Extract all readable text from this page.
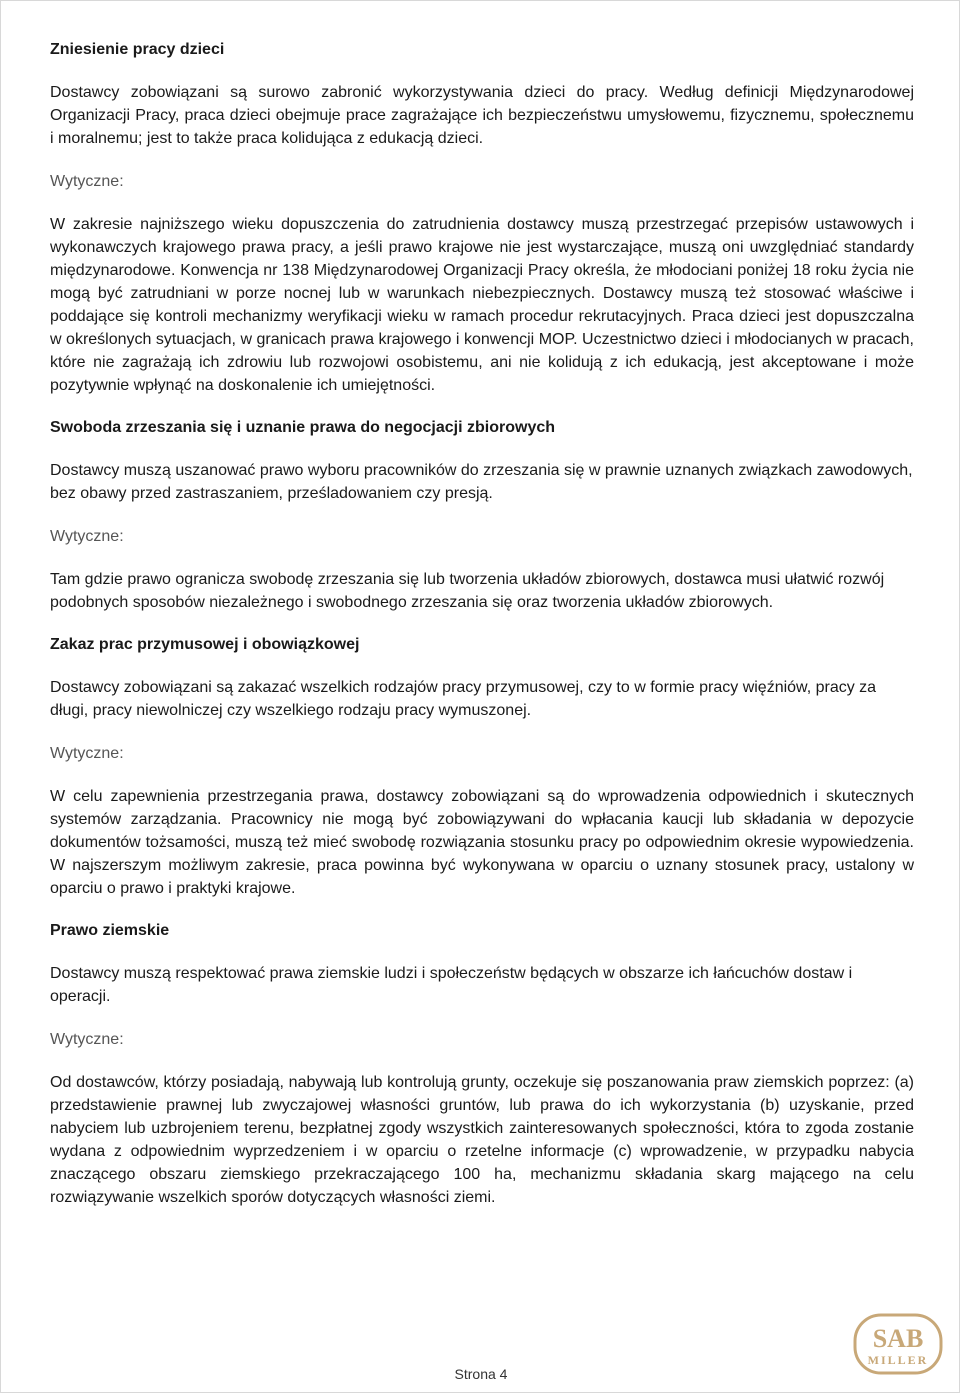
Zniesienie pracy dzieci

Dostawcy zobowiązani są surowo zabronić wykorzystywania dzieci do pracy. Według definicji Międzynarodowej Organizacji Pracy, praca dzieci obejmuje prace zagrażające ich bezpieczeństwu umysłowemu, fizycznemu, społecznemu i moralnemu; jest to także praca kolidująca z edukacją dzieci.

Wytyczne:

W zakresie najniższego wieku dopuszczenia do zatrudnienia dostawcy muszą przestrzegać przepisów ustawowych i wykonawczych krajowego prawa pracy, a jeśli prawo krajowe nie jest wystarczające, muszą oni uwzględniać standardy międzynarodowe. Konwencja nr 138 Międzynarodowej Organizacji Pracy określa, że młodociani poniżej 18 roku życia nie mogą być zatrudniani w porze nocnej lub w warunkach niebezpiecznych. Dostawcy muszą też stosować właściwe i poddające się kontroli mechanizmy weryfikacji wieku w ramach procedur rekrutacyjnych. Praca dzieci jest dopuszczalna w określonych sytuacjach, w granicach prawa krajowego i konwencji MOP. Uczestnictwo dzieci i młodocianych w pracach, które nie zagrażają ich zdrowiu lub rozwojowi osobistemu, ani nie kolidują z ich edukacją, jest akceptowane i może pozytywnie wpłynąć na doskonalenie ich umiejętności.

Swoboda zrzeszania się i uznanie prawa do negocjacji zbiorowych

Dostawcy muszą uszanować prawo wyboru pracowników do zrzeszania się w prawnie uznanych związkach zawodowych, bez obawy przed zastraszaniem, prześladowaniem czy presją.

Wytyczne:

Tam gdzie prawo ogranicza swobodę zrzeszania się lub tworzenia układów zbiorowych, dostawca musi ułatwić rozwój podobnych sposobów niezależnego i swobodnego zrzeszania się oraz tworzenia układów zbiorowych.

Zakaz prac przymusowej i obowiązkowej

Dostawcy zobowiązani są zakazać wszelkich rodzajów pracy przymusowej, czy to w formie pracy więźniów, pracy za długi, pracy niewolniczej czy wszelkiego rodzaju pracy wymuszonej.

Wytyczne:

W celu zapewnienia przestrzegania prawa, dostawcy zobowiązani są do wprowadzenia odpowiednich i skutecznych systemów zarządzania. Pracownicy nie mogą być zobowiązywani do wpłacania kaucji lub składania w depozycie dokumentów tożsamości, muszą też mieć swobodę rozwiązania stosunku pracy po odpowiednim okresie wypowiedzenia. W najszerszym możliwym zakresie, praca powinna być wykonywana w oparciu o uznany stosunek pracy, ustalony w oparciu o prawo i praktyki krajowe.

Prawo ziemskie

Dostawcy muszą respektować prawa ziemskie ludzi i społeczeństw będących w obszarze ich łańcuchów dostaw i operacji.

Wytyczne:

Od dostawców, którzy posiadają, nabywają lub kontrolują grunty, oczekuje się poszanowania praw ziemskich poprzez: (a) przedstawienie prawnej lub zwyczajowej własności gruntów, lub prawa do ich wykorzystania (b) uzyskanie, przed nabyciem lub uzbrojeniem terenu, bezpłatnej zgody wszystkich zainteresowanych społeczności, która to zgoda zostanie wydana z odpowiednim wyprzedzeniem i w oparciu o rzetelne informacje (c) wprowadzenie, w przypadku nabycia znaczącego obszaru ziemskiego przekraczającego 100 ha, mechanizmu składania skarg mającego na celu rozwiązywanie wszelkich sporów dotyczących własności ziemi.

Strona 4
SAB
MILLER
